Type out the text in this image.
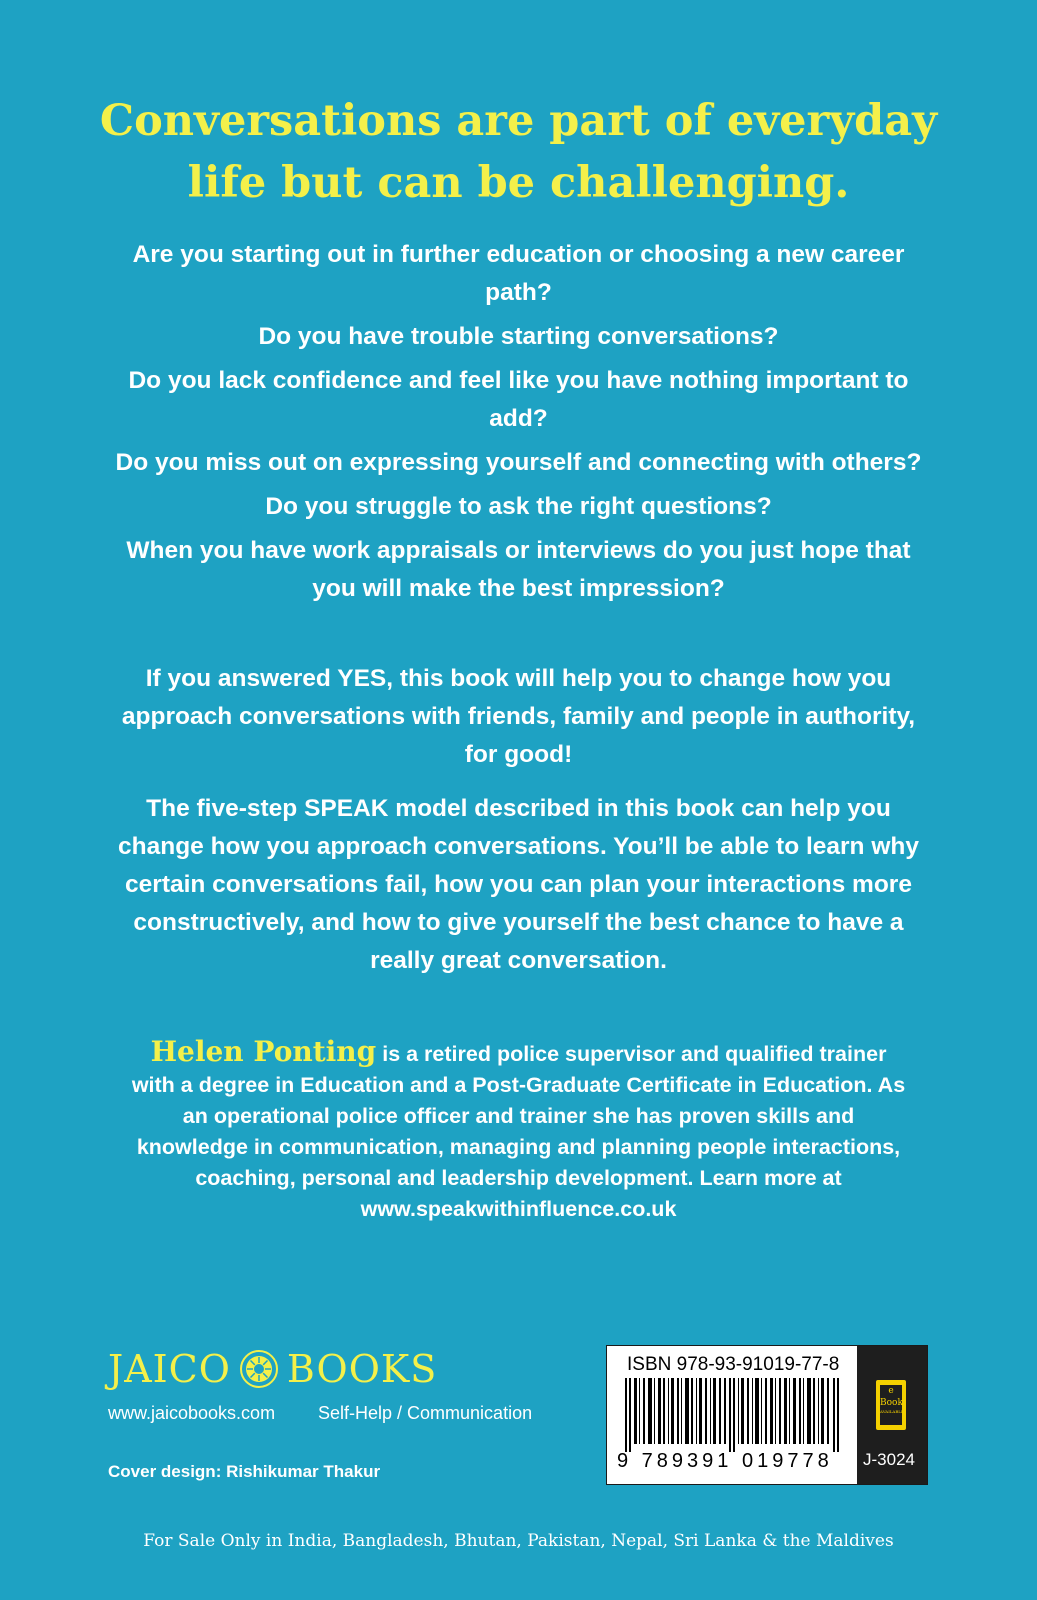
Conversations are part of everyday
life but can be challenging.

Are you starting out in further education or choosing a new career path?

Do you have trouble starting conversations?

Do you lack confidence and feel like you have nothing important to add?

Do you miss out on expressing yourself and connecting with others?

Do you struggle to ask the right questions?

When you have work appraisals or interviews do you just hope that you will make the best impression?

If you answered YES, this book will help you to change how you approach conversations with friends, family and people in authority, for good!

The five-step SPEAK model described in this book can help you change how you approach conversations. You’ll be able to learn why certain conversations fail, how you can plan your interactions more constructively, and how to give yourself the best chance to have a really great conversation.

Helen Ponting is a retired police supervisor and qualified trainer with a degree in Education and a Post-Graduate Certificate in Education. As an operational police officer and trainer she has proven skills and knowledge in communication, managing and planning people interactions, coaching, personal and leadership development. Learn more at www.speakwithinfluence.co.uk

JAICO BOOKS
www.jaicobooks.com	Self-Help / Communication
Cover design: Rishikumar Thakur
ISBN 978-93-91019-77-8
9 789391 019778
e
Book
AVAILABLE
J-3024
For Sale Only in India, Bangladesh, Bhutan, Pakistan, Nepal, Sri Lanka & the Maldives
